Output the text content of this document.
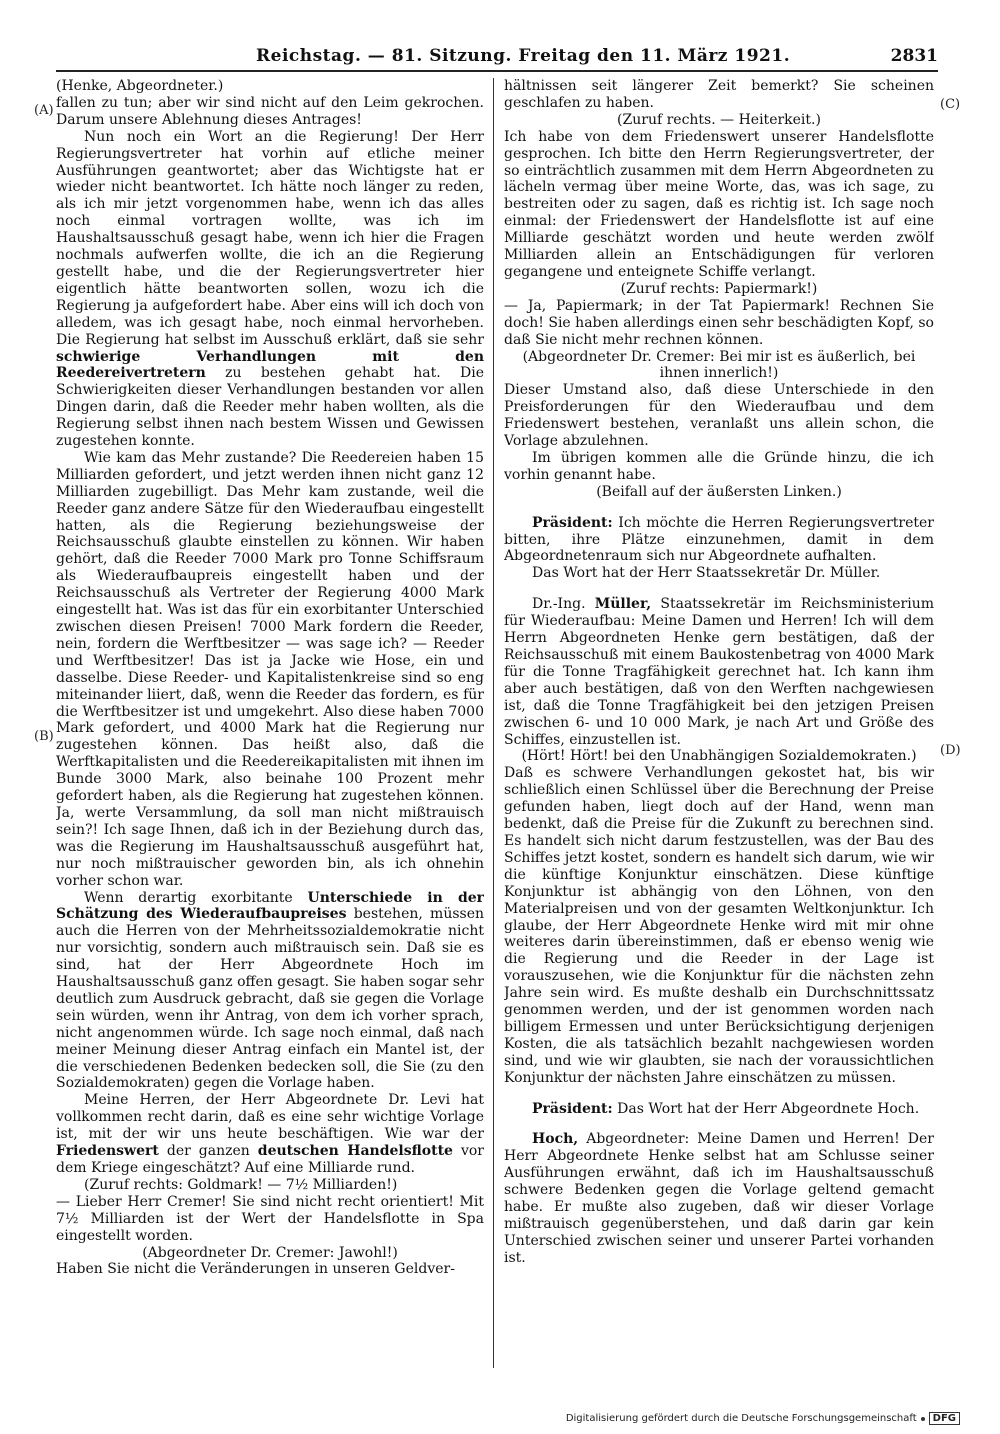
Reichstag. — 81. Sitzung. Freitag den 11. März 1921.	2831
(A)
(B)
(C)
(D)

(Henke, Abgeordneter.)

fallen zu tun; aber wir sind nicht auf den Leim gekrochen. Darum unsere Ablehnung dieses Antrages!

Nun noch ein Wort an die Regierung! Der Herr Regierungsvertreter hat vorhin auf etliche meiner Ausführungen geantwortet; aber das Wichtigste hat er wieder nicht beantwortet. Ich hätte noch länger zu reden, als ich mir jetzt vorgenommen habe, wenn ich das alles noch einmal vortragen wollte, was ich im Haushaltsausschuß gesagt habe, wenn ich hier die Fragen nochmals aufwerfen wollte, die ich an die Regierung gestellt habe, und die der Regierungsvertreter hier eigentlich hätte beantworten sollen, wozu ich die Regierung ja aufgefordert habe. Aber eins will ich doch von alledem, was ich gesagt habe, noch einmal hervorheben. Die Regierung hat selbst im Ausschuß erklärt, daß sie sehr schwierige Verhandlungen mit den Reedereivertretern zu bestehen gehabt hat. Die Schwierigkeiten dieser Verhandlungen bestanden vor allen Dingen darin, daß die Reeder mehr haben wollten, als die Regierung selbst ihnen nach bestem Wissen und Gewissen zugestehen konnte.

Wie kam das Mehr zustande? Die Reedereien haben 15 Milliarden gefordert, und jetzt werden ihnen nicht ganz 12 Milliarden zugebilligt. Das Mehr kam zustande, weil die Reeder ganz andere Sätze für den Wiederaufbau eingestellt hatten, als die Regierung beziehungsweise der Reichsausschuß glaubte einstellen zu können. Wir haben gehört, daß die Reeder 7000 Mark pro Tonne Schiffsraum als Wiederaufbaupreis eingestellt haben und der Reichsausschuß als Vertreter der Regierung 4000 Mark eingestellt hat. Was ist das für ein exorbitanter Unterschied zwischen diesen Preisen! 7000 Mark fordern die Reeder, nein, fordern die Werftbesitzer — was sage ich? — Reeder und Werftbesitzer! Das ist ja Jacke wie Hose, ein und dasselbe. Diese Reeder- und Kapitalistenkreise sind so eng miteinander liiert, daß, wenn die Reeder das fordern, es für die Werftbesitzer ist und umgekehrt. Also diese haben 7000 Mark gefordert, und 4000 Mark hat die Regierung nur zugestehen können. Das heißt also, daß die Werftkapitalisten und die Reedereikapitalisten mit ihnen im Bunde 3000 Mark, also beinahe 100 Prozent mehr gefordert haben, als die Regierung hat zugestehen können. Ja, werte Versammlung, da soll man nicht mißtrauisch sein?! Ich sage Ihnen, daß ich in der Beziehung durch das, was die Regierung im Haushaltsausschuß ausgeführt hat, nur noch mißtrauischer geworden bin, als ich ohnehin vorher schon war.

Wenn derartig exorbitante Unterschiede in der Schätzung des Wiederaufbaupreises bestehen, müssen auch die Herren von der Mehrheitssozialdemokratie nicht nur vorsichtig, sondern auch mißtrauisch sein. Daß sie es sind, hat der Herr Abgeordnete Hoch im Haushaltsausschuß ganz offen gesagt. Sie haben sogar sehr deutlich zum Ausdruck gebracht, daß sie gegen die Vorlage sein würden, wenn ihr Antrag, von dem ich vorher sprach, nicht angenommen würde. Ich sage noch einmal, daß nach meiner Meinung dieser Antrag einfach ein Mantel ist, der die verschiedenen Bedenken bedecken soll, die Sie (zu den Sozialdemokraten) gegen die Vorlage haben.

Meine Herren, der Herr Abgeordnete Dr. Levi hat vollkommen recht darin, daß es eine sehr wichtige Vorlage ist, mit der wir uns heute beschäftigen. Wie war der Friedenswert der ganzen deutschen Handelsflotte vor dem Kriege eingeschätzt? Auf eine Milliarde rund.

(Zuruf rechts: Goldmark! — 7½ Milliarden!)

— Lieber Herr Cremer! Sie sind nicht recht orientiert! Mit 7½ Milliarden ist der Wert der Handelsflotte in Spa eingestellt worden.

(Abgeordneter Dr. Cremer: Jawohl!)

Haben Sie nicht die Veränderungen in unseren Geldver-

hältnissen seit längerer Zeit bemerkt? Sie scheinen geschlafen zu haben.

(Zuruf rechts. — Heiterkeit.)

Ich habe von dem Friedenswert unserer Handelsflotte gesprochen. Ich bitte den Herrn Regierungsvertreter, der so einträchtlich zusammen mit dem Herrn Abgeordneten zu lächeln vermag über meine Worte, das, was ich sage, zu bestreiten oder zu sagen, daß es richtig ist. Ich sage noch einmal: der Friedenswert der Handelsflotte ist auf eine Milliarde geschätzt worden und heute werden zwölf Milliarden allein an Entschädigungen für verloren gegangene und enteignete Schiffe verlangt.

(Zuruf rechts: Papiermark!)

— Ja, Papiermark; in der Tat Papiermark! Rechnen Sie doch! Sie haben allerdings einen sehr beschädigten Kopf, so daß Sie nicht mehr rechnen können.

(Abgeordneter Dr. Cremer: Bei mir ist es äußerlich, bei ihnen innerlich!)

Dieser Umstand also, daß diese Unterschiede in den Preisforderungen für den Wiederaufbau und dem Friedenswert bestehen, veranlaßt uns allein schon, die Vorlage abzulehnen.

Im übrigen kommen alle die Gründe hinzu, die ich vorhin genannt habe.

(Beifall auf der äußersten Linken.)

Präsident: Ich möchte die Herren Regierungsvertreter bitten, ihre Plätze einzunehmen, damit in dem Abgeordnetenraum sich nur Abgeordnete aufhalten.

Das Wort hat der Herr Staatssekretär Dr. Müller.

Dr.-Ing. Müller, Staatssekretär im Reichsministerium für Wiederaufbau: Meine Damen und Herren! Ich will dem Herrn Abgeordneten Henke gern bestätigen, daß der Reichsausschuß mit einem Baukostenbetrag von 4000 Mark für die Tonne Tragfähigkeit gerechnet hat. Ich kann ihm aber auch bestätigen, daß von den Werften nachgewiesen ist, daß die Tonne Tragfähigkeit bei den jetzigen Preisen zwischen 6- und 10 000 Mark, je nach Art und Größe des Schiffes, einzustellen ist.

(Hört! Hört! bei den Unabhängigen Sozialdemokraten.)

Daß es schwere Verhandlungen gekostet hat, bis wir schließlich einen Schlüssel über die Berechnung der Preise gefunden haben, liegt doch auf der Hand, wenn man bedenkt, daß die Preise für die Zukunft zu berechnen sind. Es handelt sich nicht darum festzustellen, was der Bau des Schiffes jetzt kostet, sondern es handelt sich darum, wie wir die künftige Konjunktur einschätzen. Diese künftige Konjunktur ist abhängig von den Löhnen, von den Materialpreisen und von der gesamten Weltkonjunktur. Ich glaube, der Herr Abgeordnete Henke wird mit mir ohne weiteres darin übereinstimmen, daß er ebenso wenig wie die Regierung und die Reeder in der Lage ist vorauszusehen, wie die Konjunktur für die nächsten zehn Jahre sein wird. Es mußte deshalb ein Durchschnittssatz genommen werden, und der ist genommen worden nach billigem Ermessen und unter Berücksichtigung derjenigen Kosten, die als tatsächlich bezahlt nachgewiesen worden sind, und wie wir glaubten, sie nach der voraussichtlichen Konjunktur der nächsten Jahre einschätzen zu müssen.

Präsident: Das Wort hat der Herr Abgeordnete Hoch.

Hoch, Abgeordneter: Meine Damen und Herren! Der Herr Abgeordnete Henke selbst hat am Schlusse seiner Ausführungen erwähnt, daß ich im Haushaltsausschuß schwere Bedenken gegen die Vorlage geltend gemacht habe. Er mußte also zugeben, daß wir dieser Vorlage mißtrauisch gegenüberstehen, und daß darin gar kein Unterschied zwischen seiner und unserer Partei vorhanden ist.

Digitalisierung gefördert durch die Deutsche Forschungsgemeinschaft	DFG
